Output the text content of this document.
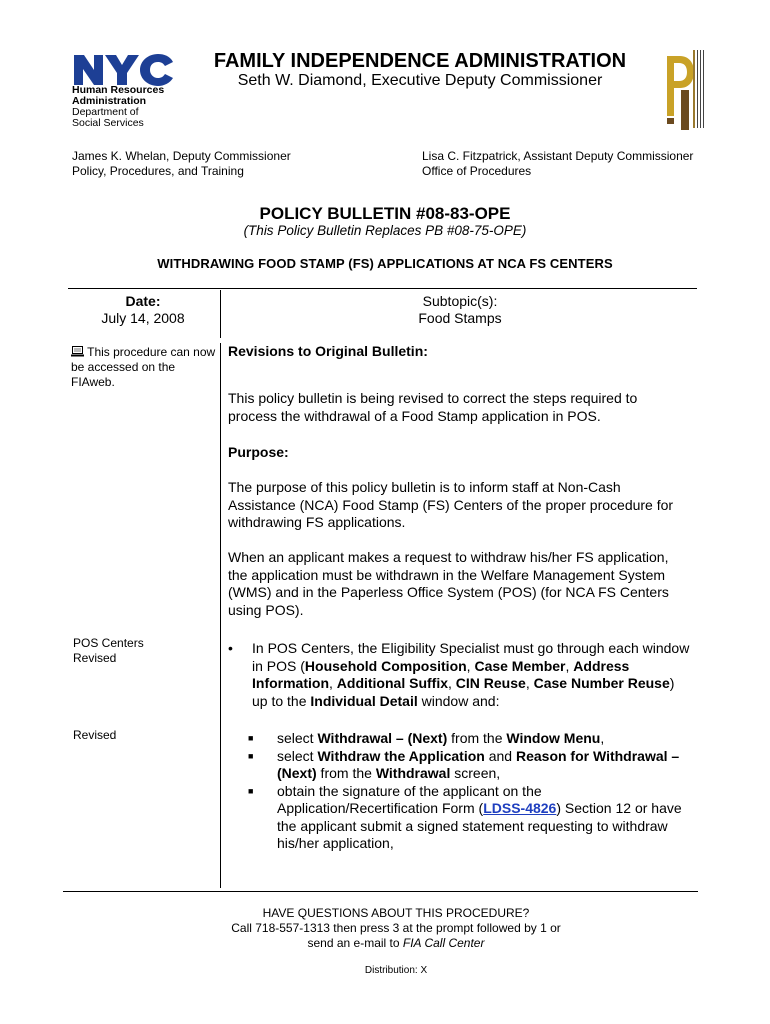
Human Resources
Administration
Department of
Social Services
FAMILY INDEPENDENCE ADMINISTRATION
Seth W. Diamond, Executive Deputy Commissioner
James K. Whelan, Deputy Commissioner
Policy, Procedures, and Training
Lisa C. Fitzpatrick, Assistant Deputy Commissioner
Office of Procedures
POLICY BULLETIN #08-83-OPE
(This Policy Bulletin Replaces PB #08-75-OPE)
WITHDRAWING FOOD STAMP (FS) APPLICATIONS AT NCA FS CENTERS
Date:
July 14, 2008
Subtopic(s):
Food Stamps
This procedure can now be accessed on the FIAweb.
POS Centers
Revised
Revised
Revisions to Original Bulletin:
This policy bulletin is being revised to correct the steps required to process the withdrawal of a Food Stamp application in POS.
Purpose:
The purpose of this policy bulletin is to inform staff at Non-Cash Assistance (NCA) Food Stamp (FS) Centers of the proper procedure for withdrawing FS applications.
When an applicant makes a request to withdraw his/her FS application, the application must be withdrawn in the Welfare Management System (WMS) and in the Paperless Office System (POS) (for NCA FS Centers using POS).
•	In POS Centers, the Eligibility Specialist must go through each window in POS (Household Composition, Case Member, Address Information, Additional Suffix, CIN Reuse, Case Number Reuse) up to the Individual Detail window and:
■	select Withdrawal – (Next) from the Window Menu,
■	select Withdraw the Application and Reason for Withdrawal – (Next) from the Withdrawal screen,
■	obtain the signature of the applicant on the Application/Recertification Form (LDSS-4826) Section 12 or have the applicant submit a signed statement requesting to withdraw his/her application,
HAVE QUESTIONS ABOUT THIS PROCEDURE?
Call 718-557-1313 then press 3 at the prompt followed by 1 or
send an e-mail to FIA Call Center
Distribution: X
